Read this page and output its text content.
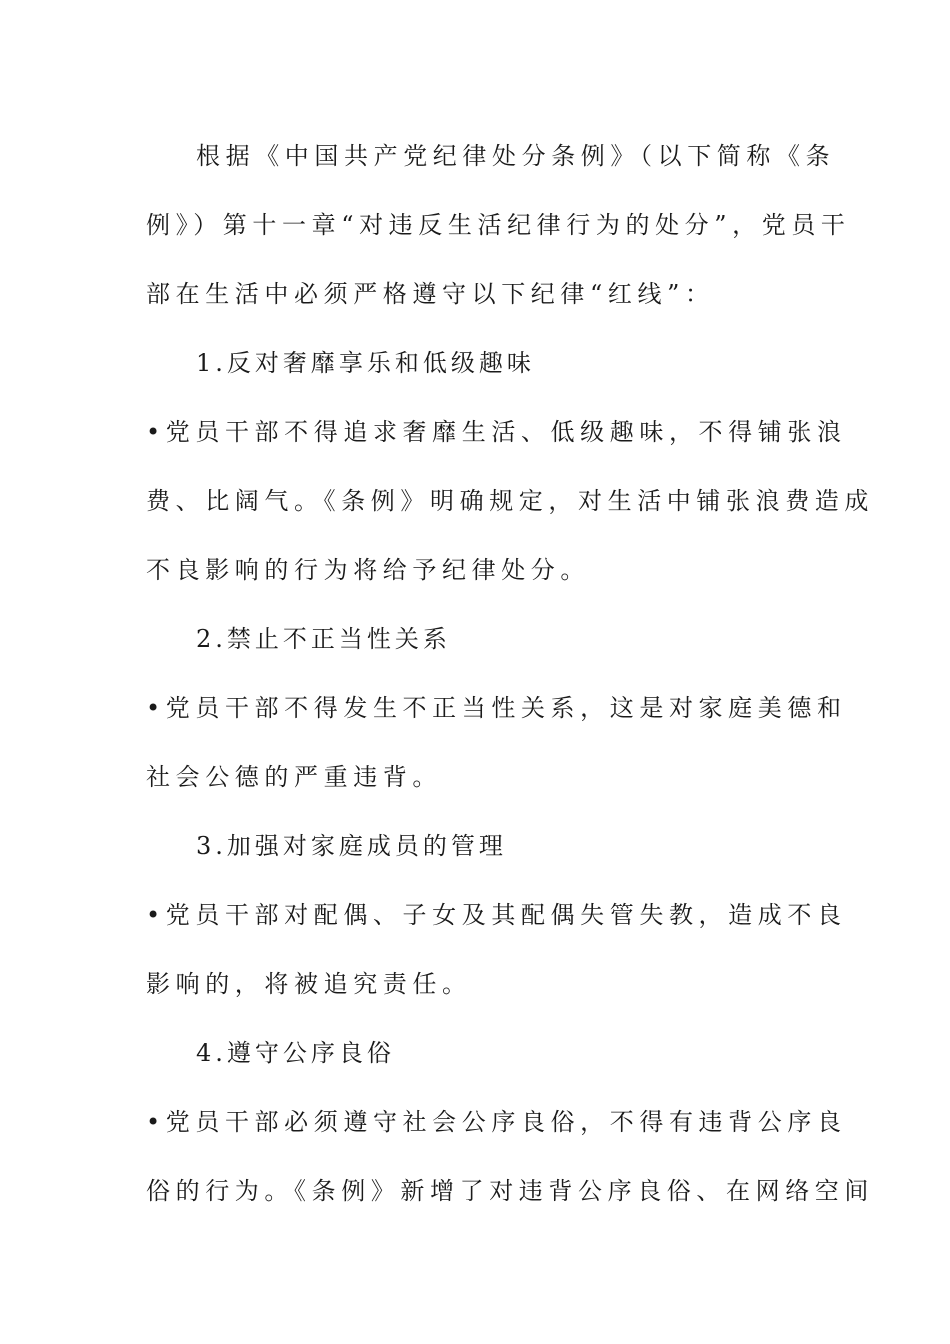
根据《中国共产党纪律处分条例》（以下简称《条
例》）第十一章“对违反生活纪律行为的处分”，党员干
部在生活中必须严格遵守以下纪律“红线”：
1.反对奢靡享乐和低级趣味
•党员干部不得追求奢靡生活、低级趣味，不得铺张浪
费、比阔气。《条例》明确规定，对生活中铺张浪费造成
不良影响的行为将给予纪律处分。
2.禁止不正当性关系
•党员干部不得发生不正当性关系，这是对家庭美德和
社会公德的严重违背。
3.加强对家庭成员的管理
•党员干部对配偶、子女及其配偶失管失教，造成不良
影响的，将被追究责任。
4.遵守公序良俗
•党员干部必须遵守社会公序良俗，不得有违背公序良
俗的行为。《条例》新增了对违背公序良俗、在网络空间
